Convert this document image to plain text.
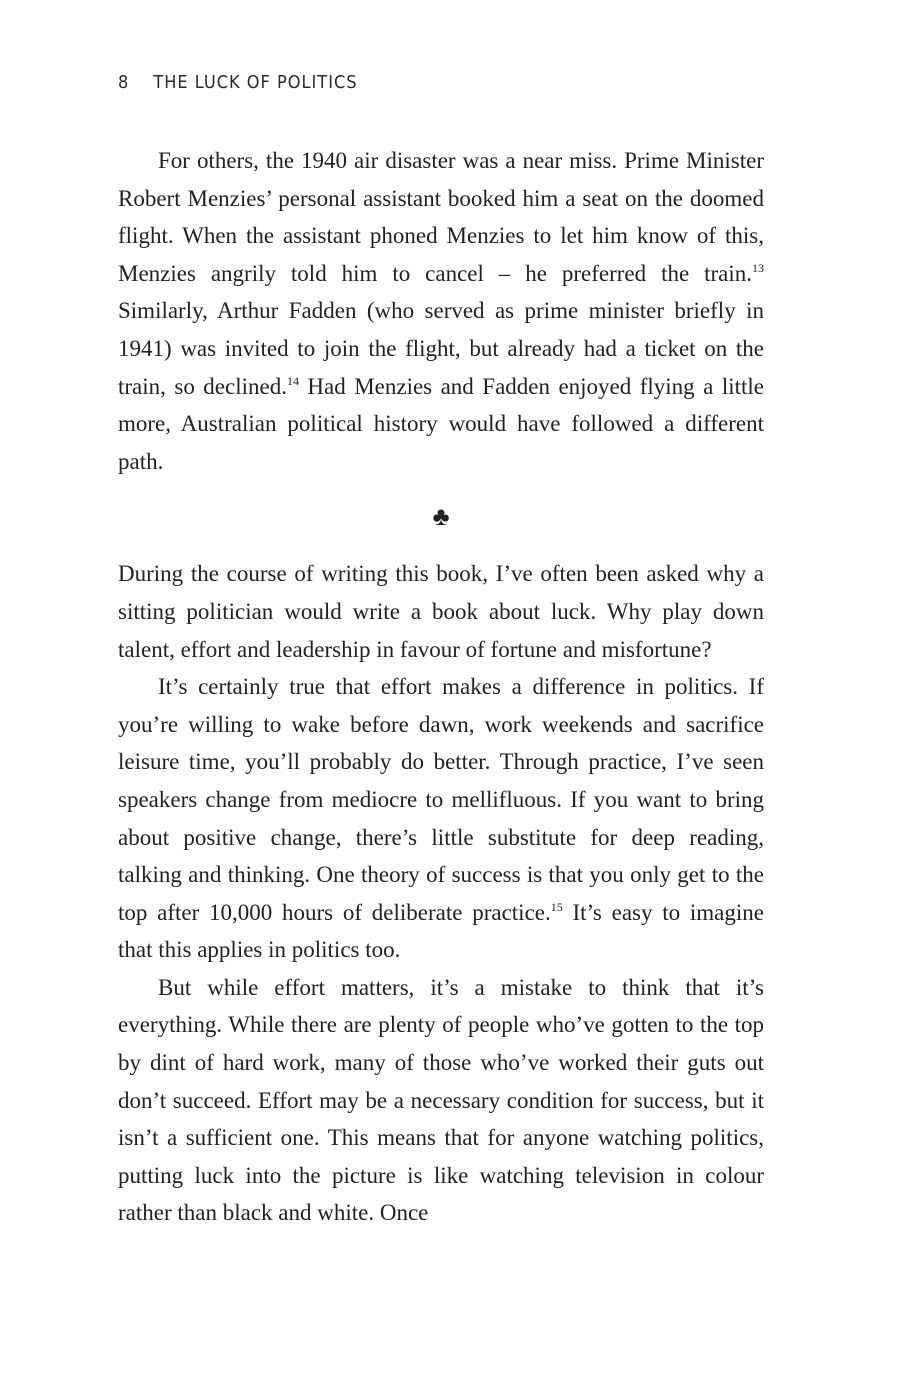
8 THE LUCK OF POLITICS

For others, the 1940 air disaster was a near miss. Prime Minister Robert Menzies’ personal assistant booked him a seat on the doomed flight. When the assistant phoned Menzies to let him know of this, Menzies angrily told him to cancel – he preferred the train.$^{13}$ Similarly, Arthur Fadden (who served as prime minister briefly in 1941) was invited to join the flight, but already had a ticket on the train, so declined.$^{14}$ Had Menzies and Fadden enjoyed flying a little more, Australian political history would have followed a different path.

♣

During the course of writing this book, I’ve often been asked why a sitting politician would write a book about luck. Why play down talent, effort and leadership in favour of fortune and misfortune?

It’s certainly true that effort makes a difference in politics. If you’re willing to wake before dawn, work weekends and sacrifice leisure time, you’ll probably do better. Through practice, I’ve seen speakers change from mediocre to mellifluous. If you want to bring about positive change, there’s little substitute for deep reading, talking and thinking. One theory of success is that you only get to the top after 10,000 hours of deliberate practice.$^{15}$ It’s easy to imagine that this applies in politics too.

But while effort matters, it’s a mistake to think that it’s everything. While there are plenty of people who’ve gotten to the top by dint of hard work, many of those who’ve worked their guts out don’t succeed. Effort may be a necessary condition for success, but it isn’t a sufficient one. This means that for anyone watching politics, putting luck into the picture is like watching television in colour rather than black and white. Once
